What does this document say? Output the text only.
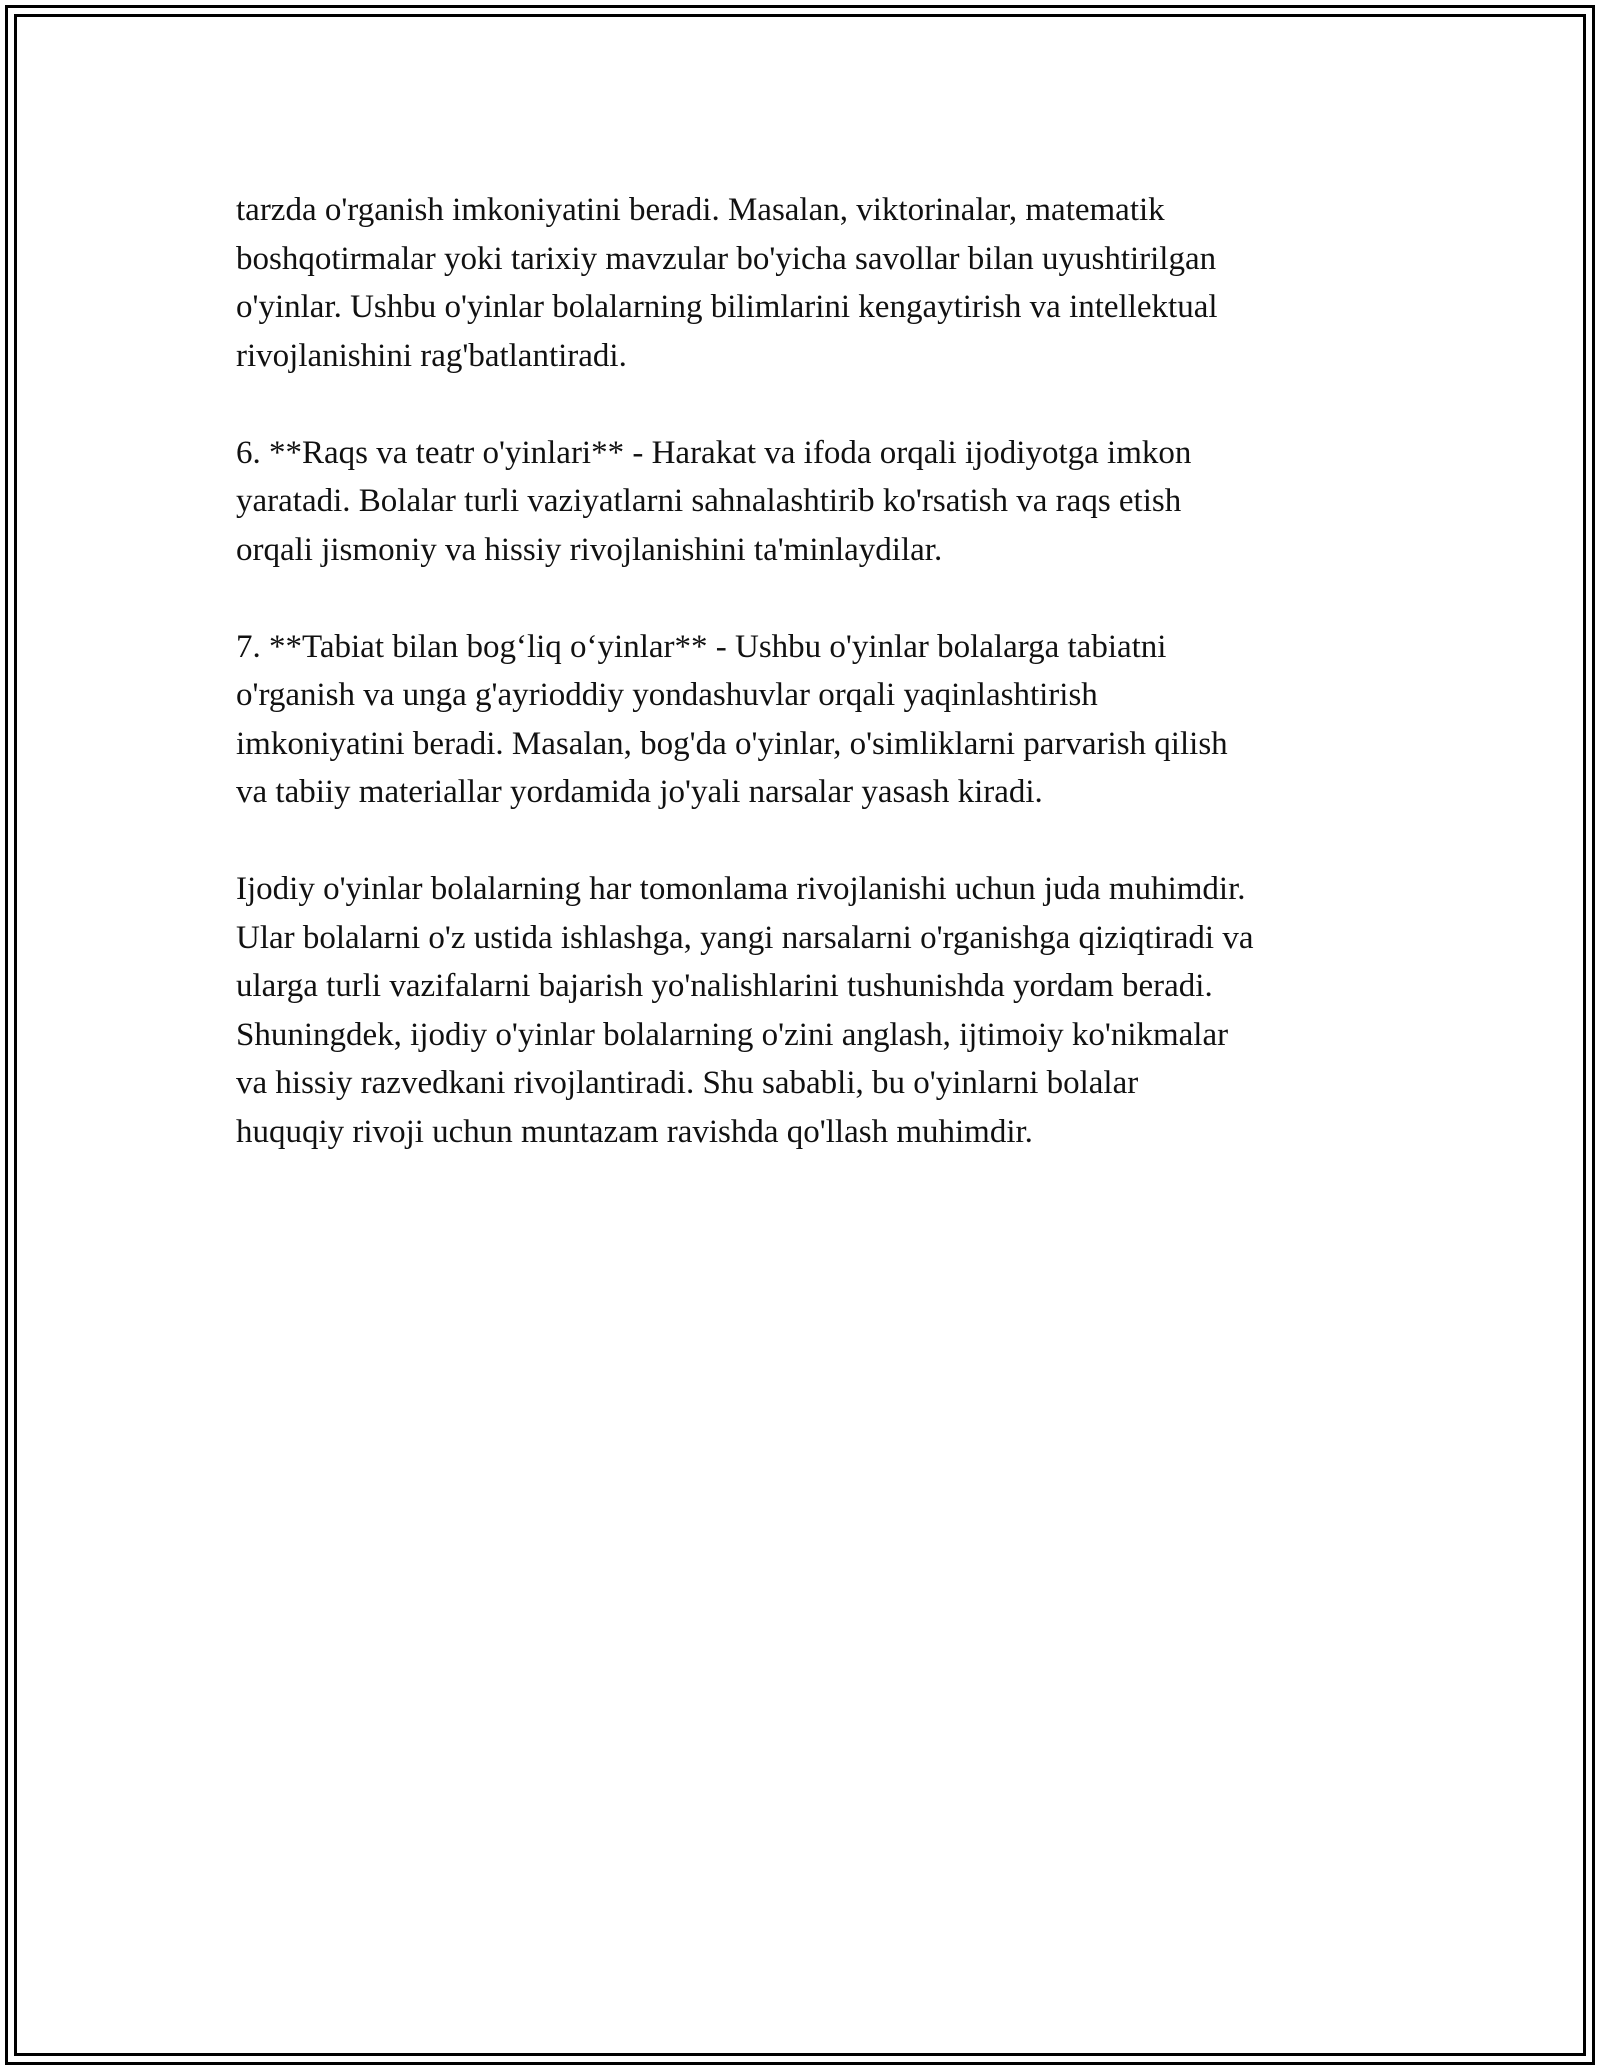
tarzda o'rganish imkoniyatini beradi. Masalan, viktorinalar, matematik
boshqotirmalar yoki tarixiy mavzular bo'yicha savollar bilan uyushtirilgan
o'yinlar. Ushbu o'yinlar bolalarning bilimlarini kengaytirish va intellektual
rivojlanishini rag'batlantiradi.

6. **Raqs va teatr o'yinlari** - Harakat va ifoda orqali ijodiyotga imkon
yaratadi. Bolalar turli vaziyatlarni sahnalashtirib ko'rsatish va raqs etish
orqali jismoniy va hissiy rivojlanishini ta'minlaydilar.

7. **Tabiat bilan bog‘liq o‘yinlar** - Ushbu o'yinlar bolalarga tabiatni
o'rganish va unga g'ayrioddiy yondashuvlar orqali yaqinlashtirish
imkoniyatini beradi. Masalan, bog'da o'yinlar, o'simliklarni parvarish qilish
va tabiiy materiallar yordamida jo'yali narsalar yasash kiradi.

Ijodiy o'yinlar bolalarning har tomonlama rivojlanishi uchun juda muhimdir.
Ular bolalarni o'z ustida ishlashga, yangi narsalarni o'rganishga qiziqtiradi va
ularga turli vazifalarni bajarish yo'nalishlarini tushunishda yordam beradi.
Shuningdek, ijodiy o'yinlar bolalarning o'zini anglash, ijtimoiy ko'nikmalar
va hissiy razvedkani rivojlantiradi. Shu sababli, bu o'yinlarni bolalar
huquqiy rivoji uchun muntazam ravishda qo'llash muhimdir.
